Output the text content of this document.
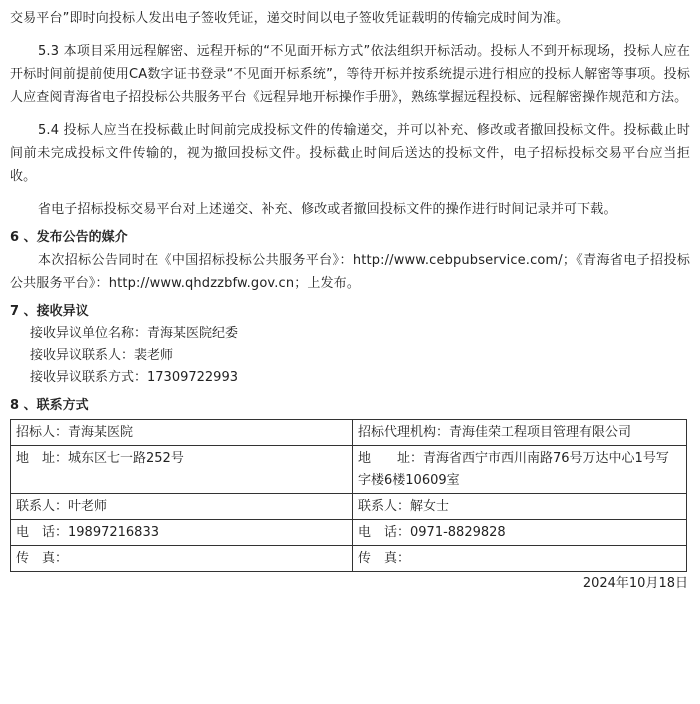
交易平台”即时向投标人发出电子签收凭证，递交时间以电子签收凭证载明的传输完成时间为准。

5.3 本项目采用远程解密、远程开标的“不见面开标方式”依法组织开标活动。投标人不到开标现场，投标人应在开标时间前提前使用CA数字证书登录“不见面开标系统”，等待开标并按系统提示进行相应的投标人解密等事项。投标人应查阅青海省电子招投标公共服务平台《远程异地开标操作手册》，熟练掌握远程投标、远程解密操作规范和方法。

5.4 投标人应当在投标截止时间前完成投标文件的传输递交，并可以补充、修改或者撤回投标文件。投标截止时间前未完成投标文件传输的，视为撤回投标文件。投标截止时间后送达的投标文件，电子招标投标交易平台应当拒收。

省电子招标投标交易平台对上述递交、补充、修改或者撤回投标文件的操作进行时间记录并可下载。

6 、发布公告的媒介

本次招标公告同时在《中国招标投标公共服务平台》：http://www.cebpubservice.com/；《青海省电子招投标公共服务平台》：http://www.qhdzzbfw.gov.cn；上发布。

7 、接收异议

接收异议单位名称：青海某医院纪委

接收异议联系人：裴老师

接收异议联系方式：17309722993

8 、联系方式

招标人：青海某医院	招标代理机构：青海佳荣工程项目管理有限公司
地　址：城东区七一路252号	地　　址：青海省西宁市西川南路76号万达中心1号写字楼6楼10609室
联系人：叶老师	联系人：解女士
电　话：19897216833	电　话：0971-8829828
传　真：	传　真：

2024年10月18日
